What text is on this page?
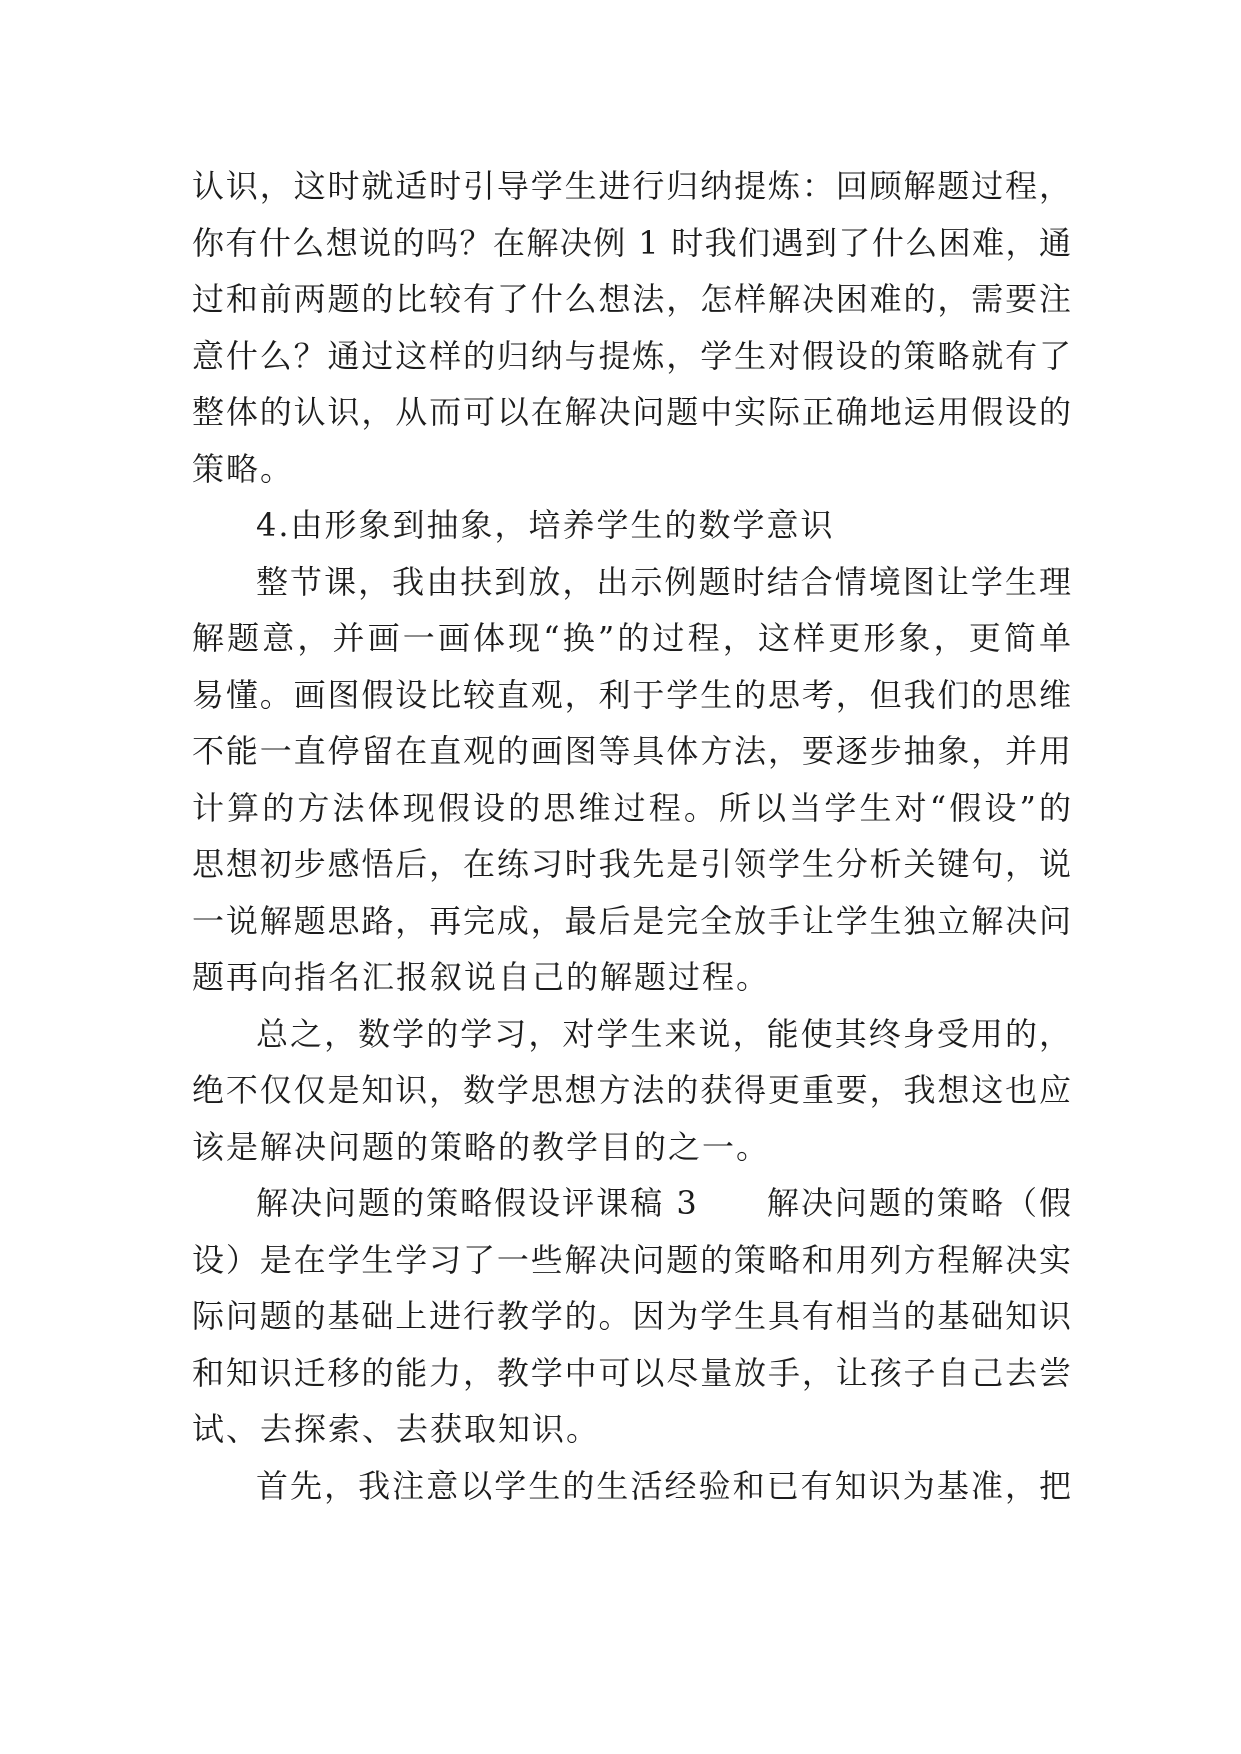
认识，这时就适时引导学生进行归纳提炼：回顾解题过程，
你有什么想说的吗？在解决例 1 时我们遇到了什么困难，通
过和前两题的比较有了什么想法，怎样解决困难的，需要注
意什么？通过这样的归纳与提炼，学生对假设的策略就有了
整体的认识，从而可以在解决问题中实际正确地运用假设的
策略。
4.由形象到抽象，培养学生的数学意识
整节课，我由扶到放，出示例题时结合情境图让学生理
解题意，并画一画体现“换”的过程，这样更形象，更简单
易懂。画图假设比较直观，利于学生的思考，但我们的思维
不能一直停留在直观的画图等具体方法，要逐步抽象，并用
计算的方法体现假设的思维过程。所以当学生对“假设”的
思想初步感悟后，在练习时我先是引领学生分析关键句，说
一说解题思路，再完成，最后是完全放手让学生独立解决问
题再向指名汇报叙说自己的解题过程。
总之，数学的学习，对学生来说，能使其终身受用的，
绝不仅仅是知识，数学思想方法的获得更重要，我想这也应
该是解决问题的策略的教学目的之一。
解决问题的策略假设评课稿 3　　解决问题的策略（假
设）是在学生学习了一些解决问题的策略和用列方程解决实
际问题的基础上进行教学的。因为学生具有相当的基础知识
和知识迁移的能力，教学中可以尽量放手，让孩子自己去尝
试、去探索、去获取知识。
首先，我注意以学生的生活经验和已有知识为基准，把
